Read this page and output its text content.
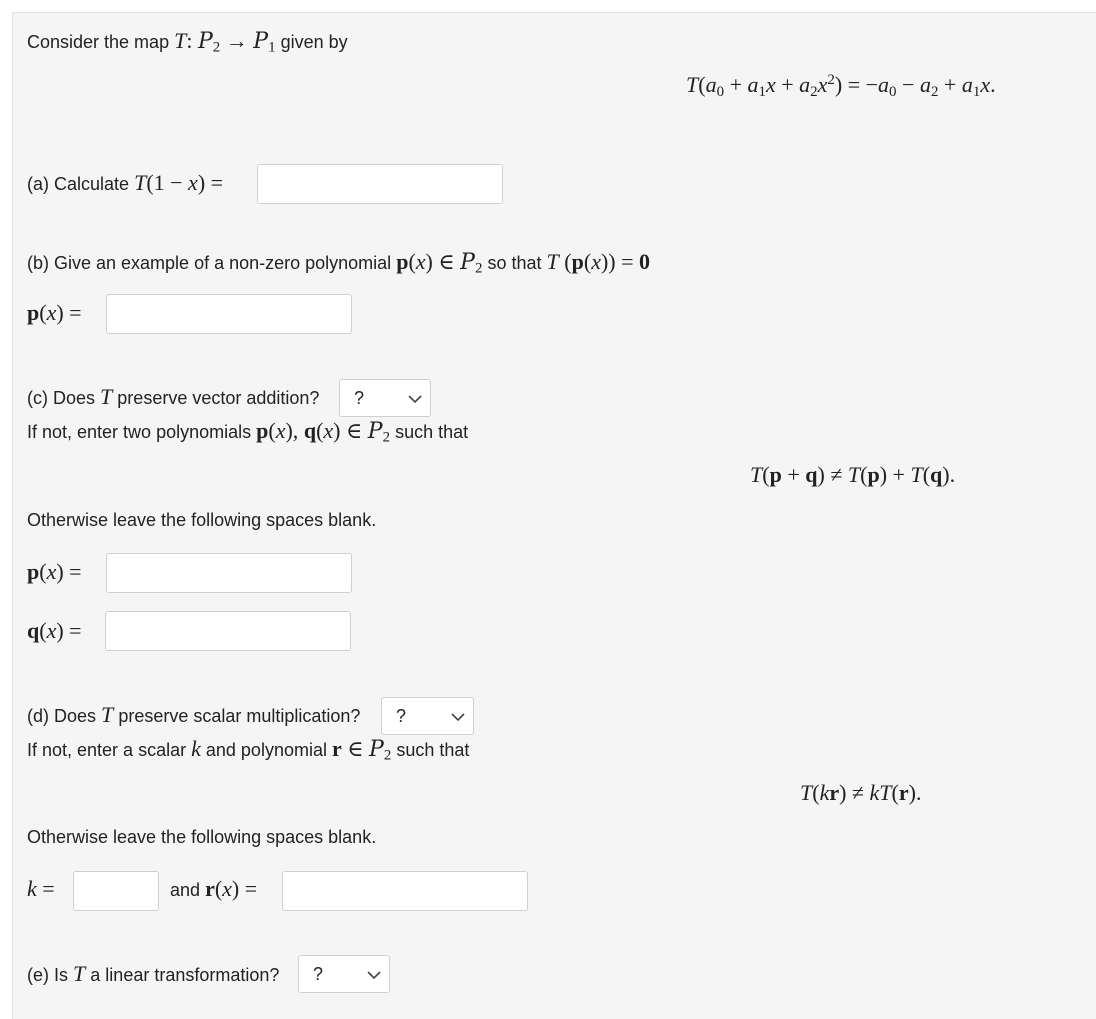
Consider the map T: P2 → P1 given by
$T(a0 + a1x + a2x^2) = -a0 - a2 + a1x$.
(a) Calculate T(1 − x) =
(b) Give an example of a non-zero polynomial p(x) ∈ P2 so that T (p(x)) = 0
p(x) =
(c) Does T preserve vector addition? ?
If not, enter two polynomials p(x), q(x) ∈ P2 such that
T(p + q) ≠ T(p) + T(q).
Otherwise leave the following spaces blank.
p(x) =
q(x) =
(d) Does T preserve scalar multiplication? ?
If not, enter a scalar k and polynomial r ∈ P2 such that
T(kr) ≠ kT(r).
Otherwise leave the following spaces blank.
k =	and r(x) =
(e) Is T a linear transformation? ?
